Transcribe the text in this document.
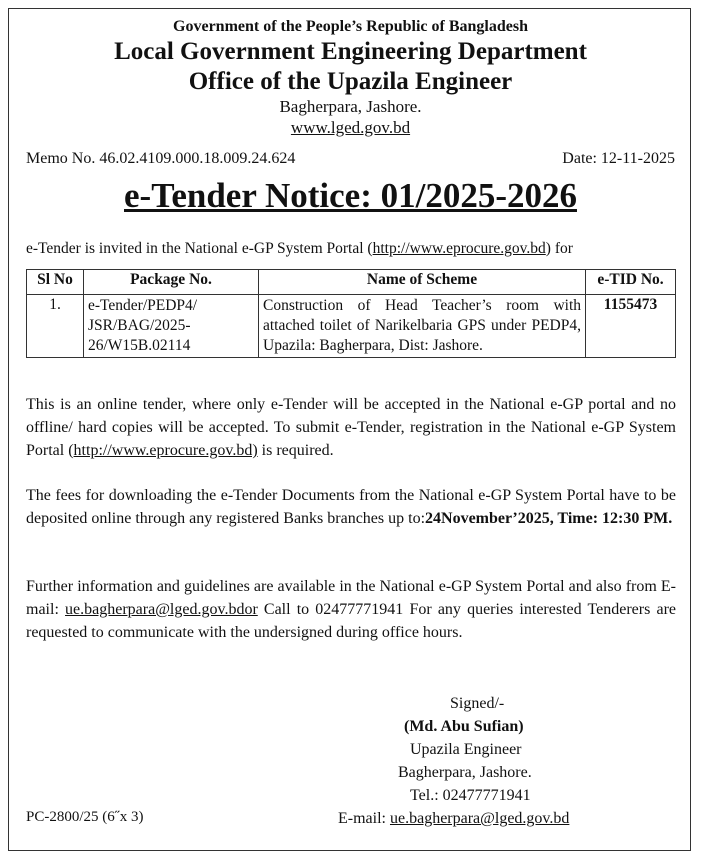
Government of the People’s Republic of Bangladesh
Local Government Engineering Department
Office of the Upazila Engineer
Bagherpara, Jashore.
www.lged.gov.bd
Memo No. 46.02.4109.000.18.009.24.624	Date: 12-11-2025
e-Tender Notice: 01/2025-2026
e-Tender is invited in the National e-GP System Portal (http://www.eprocure.gov.bd) for
Sl No	Package No.	Name of Scheme	e-TID No.
1.	e-Tender/PEDP4/ JSR/BAG/2025-26/W15B.02114	Construction of Head Teacher’s room with attached toilet of Narikelbaria GPS under PEDP4, Upazila: Bagherpara, Dist: Jashore.	1155473
This is an online tender, where only e-Tender will be accepted in the National e-GP portal and no offline/ hard copies will be accepted. To submit e-Tender, registration in the National e-GP System Portal (http://www.eprocure.gov.bd) is required.
The fees for downloading the e-Tender Documents from the National e-GP System Portal have to be deposited online through any registered Banks branches up to:24November’2025, Time: 12:30 PM.
Further information and guidelines are available in the National e-GP System Portal and also from E-mail: ue.bagherpara@lged.gov.bdor Call to 02477771941 For any queries interested Tenderers are requested to communicate with the undersigned during office hours.
Signed/-
(Md. Abu Sufian)
Upazila Engineer
Bagherpara, Jashore.
Tel.: 02477771941
E-mail: ue.bagherpara@lged.gov.bd
PC-2800/25 (6˝x 3)
